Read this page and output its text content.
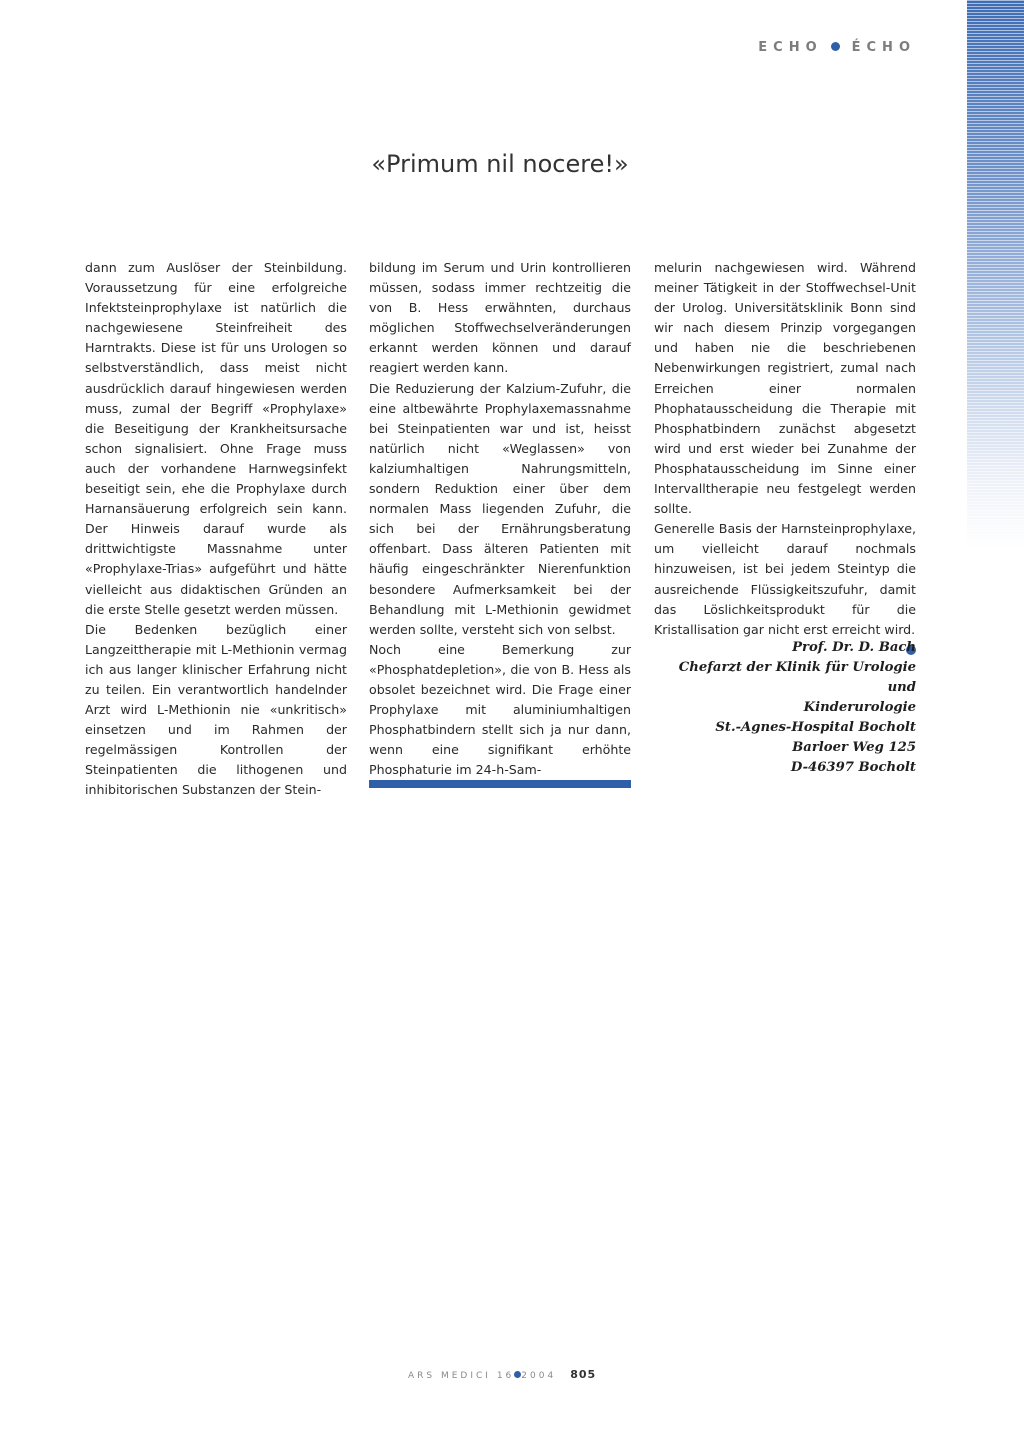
ECHO ÉCHO
«Primum nil nocere!»

dann zum Auslöser der Steinbildung. Voraussetzung für eine erfolgreiche Infektsteinprophylaxe ist natürlich die nachgewiesene Steinfreiheit des Harntrakts. Diese ist für uns Urologen so selbstverständlich, dass meist nicht ausdrücklich darauf hingewiesen werden muss, zumal der Begriff «Prophylaxe» die Beseitigung der Krankheitsursache schon signalisiert. Ohne Frage muss auch der vorhandene Harnwegsinfekt beseitigt sein, ehe die Prophylaxe durch Harnansäuerung erfolgreich sein kann. Der Hinweis darauf wurde als drittwichtigste Massnahme unter «Prophylaxe-Trias» aufgeführt und hätte vielleicht aus didaktischen Gründen an die erste Stelle gesetzt werden müssen.

Die Bedenken bezüglich einer Langzeittherapie mit L-Methionin vermag ich aus langer klinischer Erfahrung nicht zu teilen. Ein verantwortlich handelnder Arzt wird L-Methionin nie «unkritisch» einsetzen und im Rahmen der regelmässigen Kontrollen der Steinpatienten die lithogenen und inhibitorischen Substanzen der Stein-

bildung im Serum und Urin kontrollieren müssen, sodass immer rechtzeitig die von B. Hess erwähnten, durchaus möglichen Stoffwechselveränderungen erkannt werden können und darauf reagiert werden kann.

Die Reduzierung der Kalzium-Zufuhr, die eine altbewährte Prophylaxemassnahme bei Steinpatienten war und ist, heisst natürlich nicht «Weglassen» von kalziumhaltigen Nahrungsmitteln, sondern Reduktion einer über dem normalen Mass liegenden Zufuhr, die sich bei der Ernährungsberatung offenbart. Dass älteren Patienten mit häufig eingeschränkter Nierenfunktion besondere Aufmerksamkeit bei der Behandlung mit L-Methionin gewidmet werden sollte, versteht sich von selbst.

Noch eine Bemerkung zur «Phosphatdepletion», die von B. Hess als obsolet bezeichnet wird. Die Frage einer Prophylaxe mit aluminiumhaltigen Phosphatbindern stellt sich ja nur dann, wenn eine signifikant erhöhte Phosphaturie im 24-h-Sam-

melurin nachgewiesen wird. Während meiner Tätigkeit in der Stoffwechsel-Unit der Urolog. Universitätsklinik Bonn sind wir nach diesem Prinzip vorgegangen und haben nie die beschriebenen Nebenwirkungen registriert, zumal nach Erreichen einer normalen Phophatausscheidung die Therapie mit Phosphatbindern zunächst abgesetzt wird und erst wieder bei Zunahme der Phosphatausscheidung im Sinne einer Intervalltherapie neu festgelegt werden sollte.

Generelle Basis der Harnsteinprophylaxe, um vielleicht darauf nochmals hinzuweisen, ist bei jedem Steintyp die ausreichende Flüssigkeitszufuhr, damit das Löslichkeitsprodukt für die Kristallisation gar nicht erst erreicht wird.

Prof. Dr. D. Bach
Chefarzt der Klinik für Urologie und
Kinderurologie
St.-Agnes-Hospital Bocholt
Barloer Weg 125
D-46397 Bocholt
ARS MEDICI 16 2004 805
